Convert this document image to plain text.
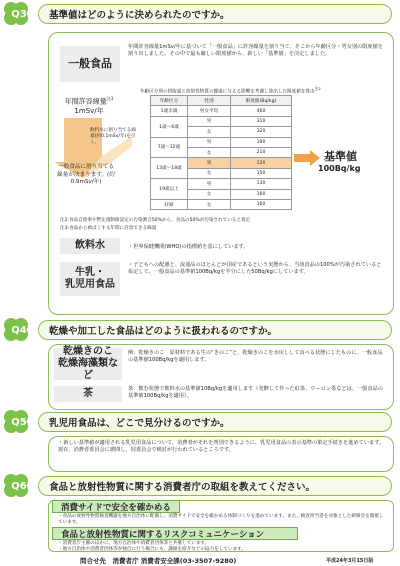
Q3	基準値はどのように決められたのですか。
一般食品
年間許容線量1mSv/年に基づいて「一般食品」に許容線量を割り当て、そこから年齢区分・男女別の限度値を割り出しました。その中で最も厳しい限度値から、新しい「基準値」を決定しました。
年間許容線量$^{注3}$
1mSv/年
飲料水に割り当てる線量(約0.1mSv/年)を引く。
一般食品に割り当てる線量が決まります。(約0.9mSv/年)
年齢区分別の摂取量と放射性物質の健康に与える影響を考慮し算出した限度値を算出$^{注2}$
年齢区分	性別	限度値(Bq/kg)
1歳未満	男女平均	460
1歳～6歳	男	310
	女	320
7歳～12歳	男	190
	女	210
13歳～18歳	男	120
	女	150
19歳以上	男	130
	女	160
妊婦	女	160
基準値
100Bq/kg
注2:食品自給率や暫定規制値設定の汚染割合50%から、食品の50%が汚染されていると仮定
注3:食品から被ばくする年間に許容できる線量
飲料水	・世界保健機関(WHO)の指標値を基にしています。
牛乳・
乳児用食品
・子どもへの配慮と、流通品のほとんどが国産であるという実態から、当該食品の100%が汚染されていると仮定して、一般食品の基準値100Bq/kgを半分にした50Bq/kgにしています。
Q4	乾燥や加工した食品はどのように扱われるのですか。
乾燥きのこ
乾燥海藻類など
例：乾燥きのこ　原材料である生の“きのこ”と、乾燥きのこを水戻しして食べる状態にしたものに、一般食品の基準値100Bq/kgを適用します。
茶	茶：飲む状態で飲料水の基準値10Bq/kgを適用します（発酵して作った紅茶、ウーロン茶などは、一般食品の基準値100Bq/kgを適用）。
Q5	乳児用食品は、どこで見分けるのですか。
・新しい基準値が適用される乳児用食品について、消費者がそれを判別できるように、乳児用食品の表示基準の策定手続きを進めています。現在、消費者委員会に諮問し、同委員会で検討が行われているところです。
Q6	食品と放射性物質に関する消費者庁の取組を教えてください。
消費サイドで安全を確かめる
・食品の放射性物質検査機器を地方自治体に配備し、消費サイドで安全を確かめる体制づくりを進めています。また、検査担当者を対象とした研修会を開催しています。
食品と放射性物質に関するリスクコミュニケーション
・消費者庁主催のほかに、地方自治体や消費者団体等と共催しています。
・地方自治体や消費者団体等が独自に行う場合にも、講師を紹介などの協力をしています。
問合せ先　消費者庁 消費者安全課(03-3507-9280)	平成24年3月15日版
